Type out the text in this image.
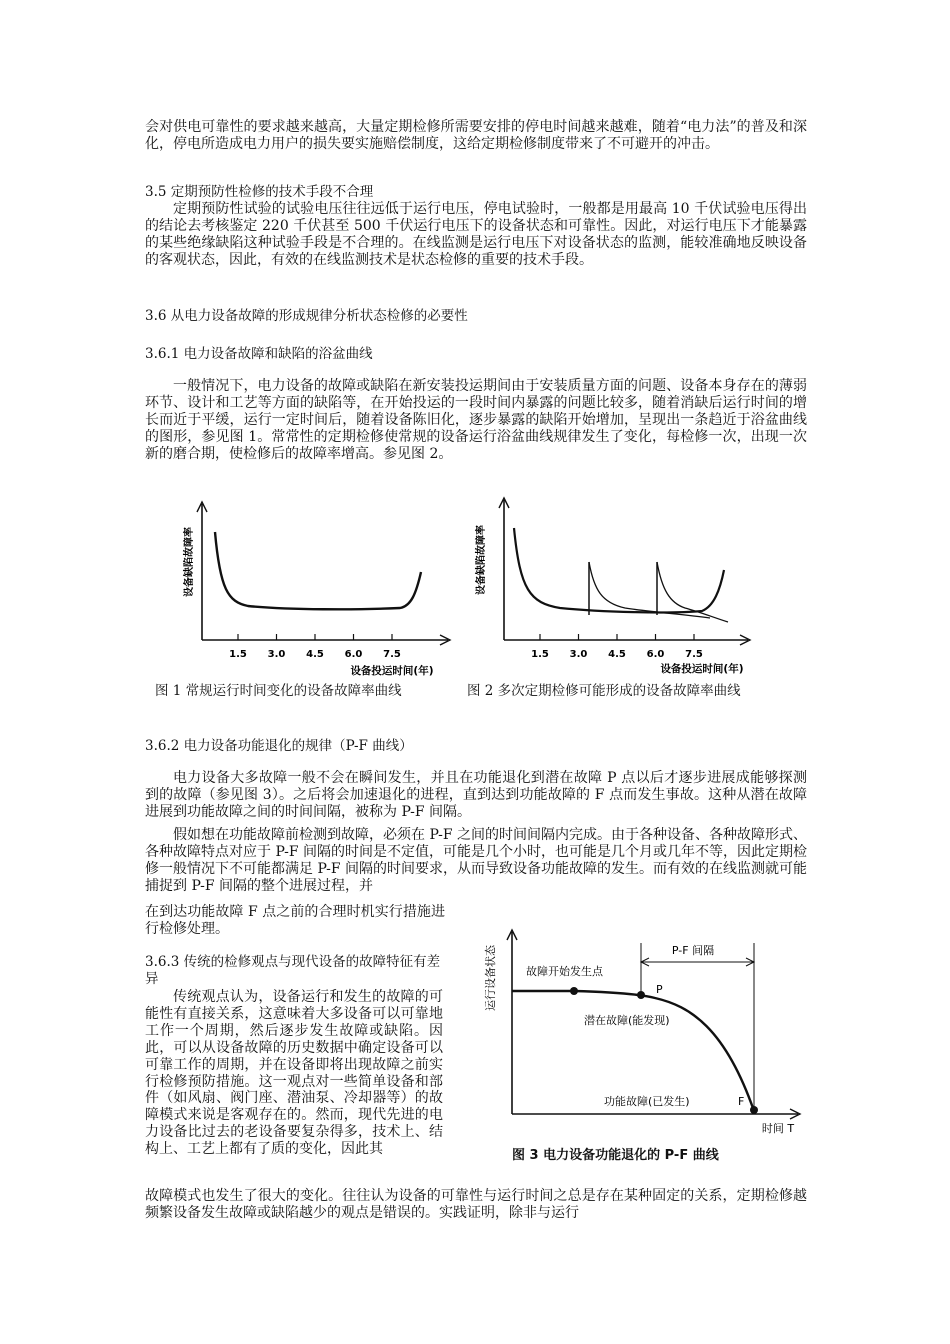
会对供电可靠性的要求越来越高，大量定期检修所需要安排的停电时间越来越难，随着“电力法”的普及和深化，停电所造成电力用户的损失要实施赔偿制度，这给定期检修制度带来了不可避开的冲击。

3.5 定期预防性检修的技术手段不合理

定期预防性试验的试验电压往往远低于运行电压，停电试验时，一般都是用最高 10 千伏试验电压得出的结论去考核鉴定 220 千伏甚至 500 千伏运行电压下的设备状态和可靠性。因此，对运行电压下才能暴露的某些绝缘缺陷这种试验手段是不合理的。在线监测是运行电压下对设备状态的监测，能较准确地反映设备的客观状态，因此，有效的在线监测技术是状态检修的重要的技术手段。

3.6 从电力设备故障的形成规律分析状态检修的必要性

3.6.1 电力设备故障和缺陷的浴盆曲线

一般情况下，电力设备的故障或缺陷在新安装投运期间由于安装质量方面的问题、设备本身存在的薄弱环节、设计和工艺等方面的缺陷等，在开始投运的一段时间内暴露的问题比较多，随着消缺后运行时间的增长而近于平缓，运行一定时间后，随着设备陈旧化，逐步暴露的缺陷开始增加，呈现出一条趋近于浴盆曲线的图形，参见图 1。常常性的定期检修使常规的设备运行浴盆曲线规律发生了变化，每检修一次，出现一次新的磨合期，使检修后的故障率增高。参见图 2。

设备缺陷故障率
1.5 3.0 4.5 6.0 7.5
设备投运时间(年)
设备缺陷故障率
1.5 3.0 4.5 6.0 7.5
设备投运时间(年)
图 1 常规运行时间变化的设备故障率曲线	图 2 多次定期检修可能形成的设备故障率曲线

3.6.2 电力设备功能退化的规律（P-F 曲线）

电力设备大多故障一般不会在瞬间发生，并且在功能退化到潜在故障 P 点以后才逐步进展成能够探测到的故障（参见图 3）。之后将会加速退化的进程，直到达到功能故障的 F 点而发生事故。这种从潜在故障进展到功能故障之间的时间间隔，被称为 P-F 间隔。

假如想在功能故障前检测到故障，必须在 P-F 之间的时间间隔内完成。由于各种设备、各种故障形式、各种故障特点对应于 P-F 间隔的时间是不定值，可能是几个小时，也可能是几个月或几年不等，因此定期检修一般情况下不可能都满足 P-F 间隔的时间要求，从而导致设备功能故障的发生。而有效的在线监测就可能捕捉到 P-F 间隔的整个进展过程，并

在到达功能故障 F 点之前的合理时机实行措施进行检修处理。

3.6.3 传统的检修观点与现代设备的故障特征有差异

传统观点认为，设备运行和发生的故障的可能性有直接关系，这意味着大多设备可以可靠地工作一个周期，然后逐步发生故障或缺陷。因此，可以从设备故障的历史数据中确定设备可以可靠工作的周期，并在设备即将出现故障之前实行检修预防措施。这一观点对一些简单设备和部件（如风扇、阀门座、潜油泵、冷却器等）的故障模式来说是客观存在的。然而，现代先进的电力设备比过去的老设备要复杂得多，技术上、结构上、工艺上都有了质的变化，因此其

故障模式也发生了很大的变化。往往认为设备的可靠性与运行时间之总是存在某种固定的关系，定期检修越频繁设备发生故障或缺陷越少的观点是错误的。实践证明，除非与运行

运行设备状态	P-F 间隔
故障开始发生点
P
潜在故障(能发现)
功能故障(已发生)	F
时间 T
图 3 电力设备功能退化的 P-F 曲线
